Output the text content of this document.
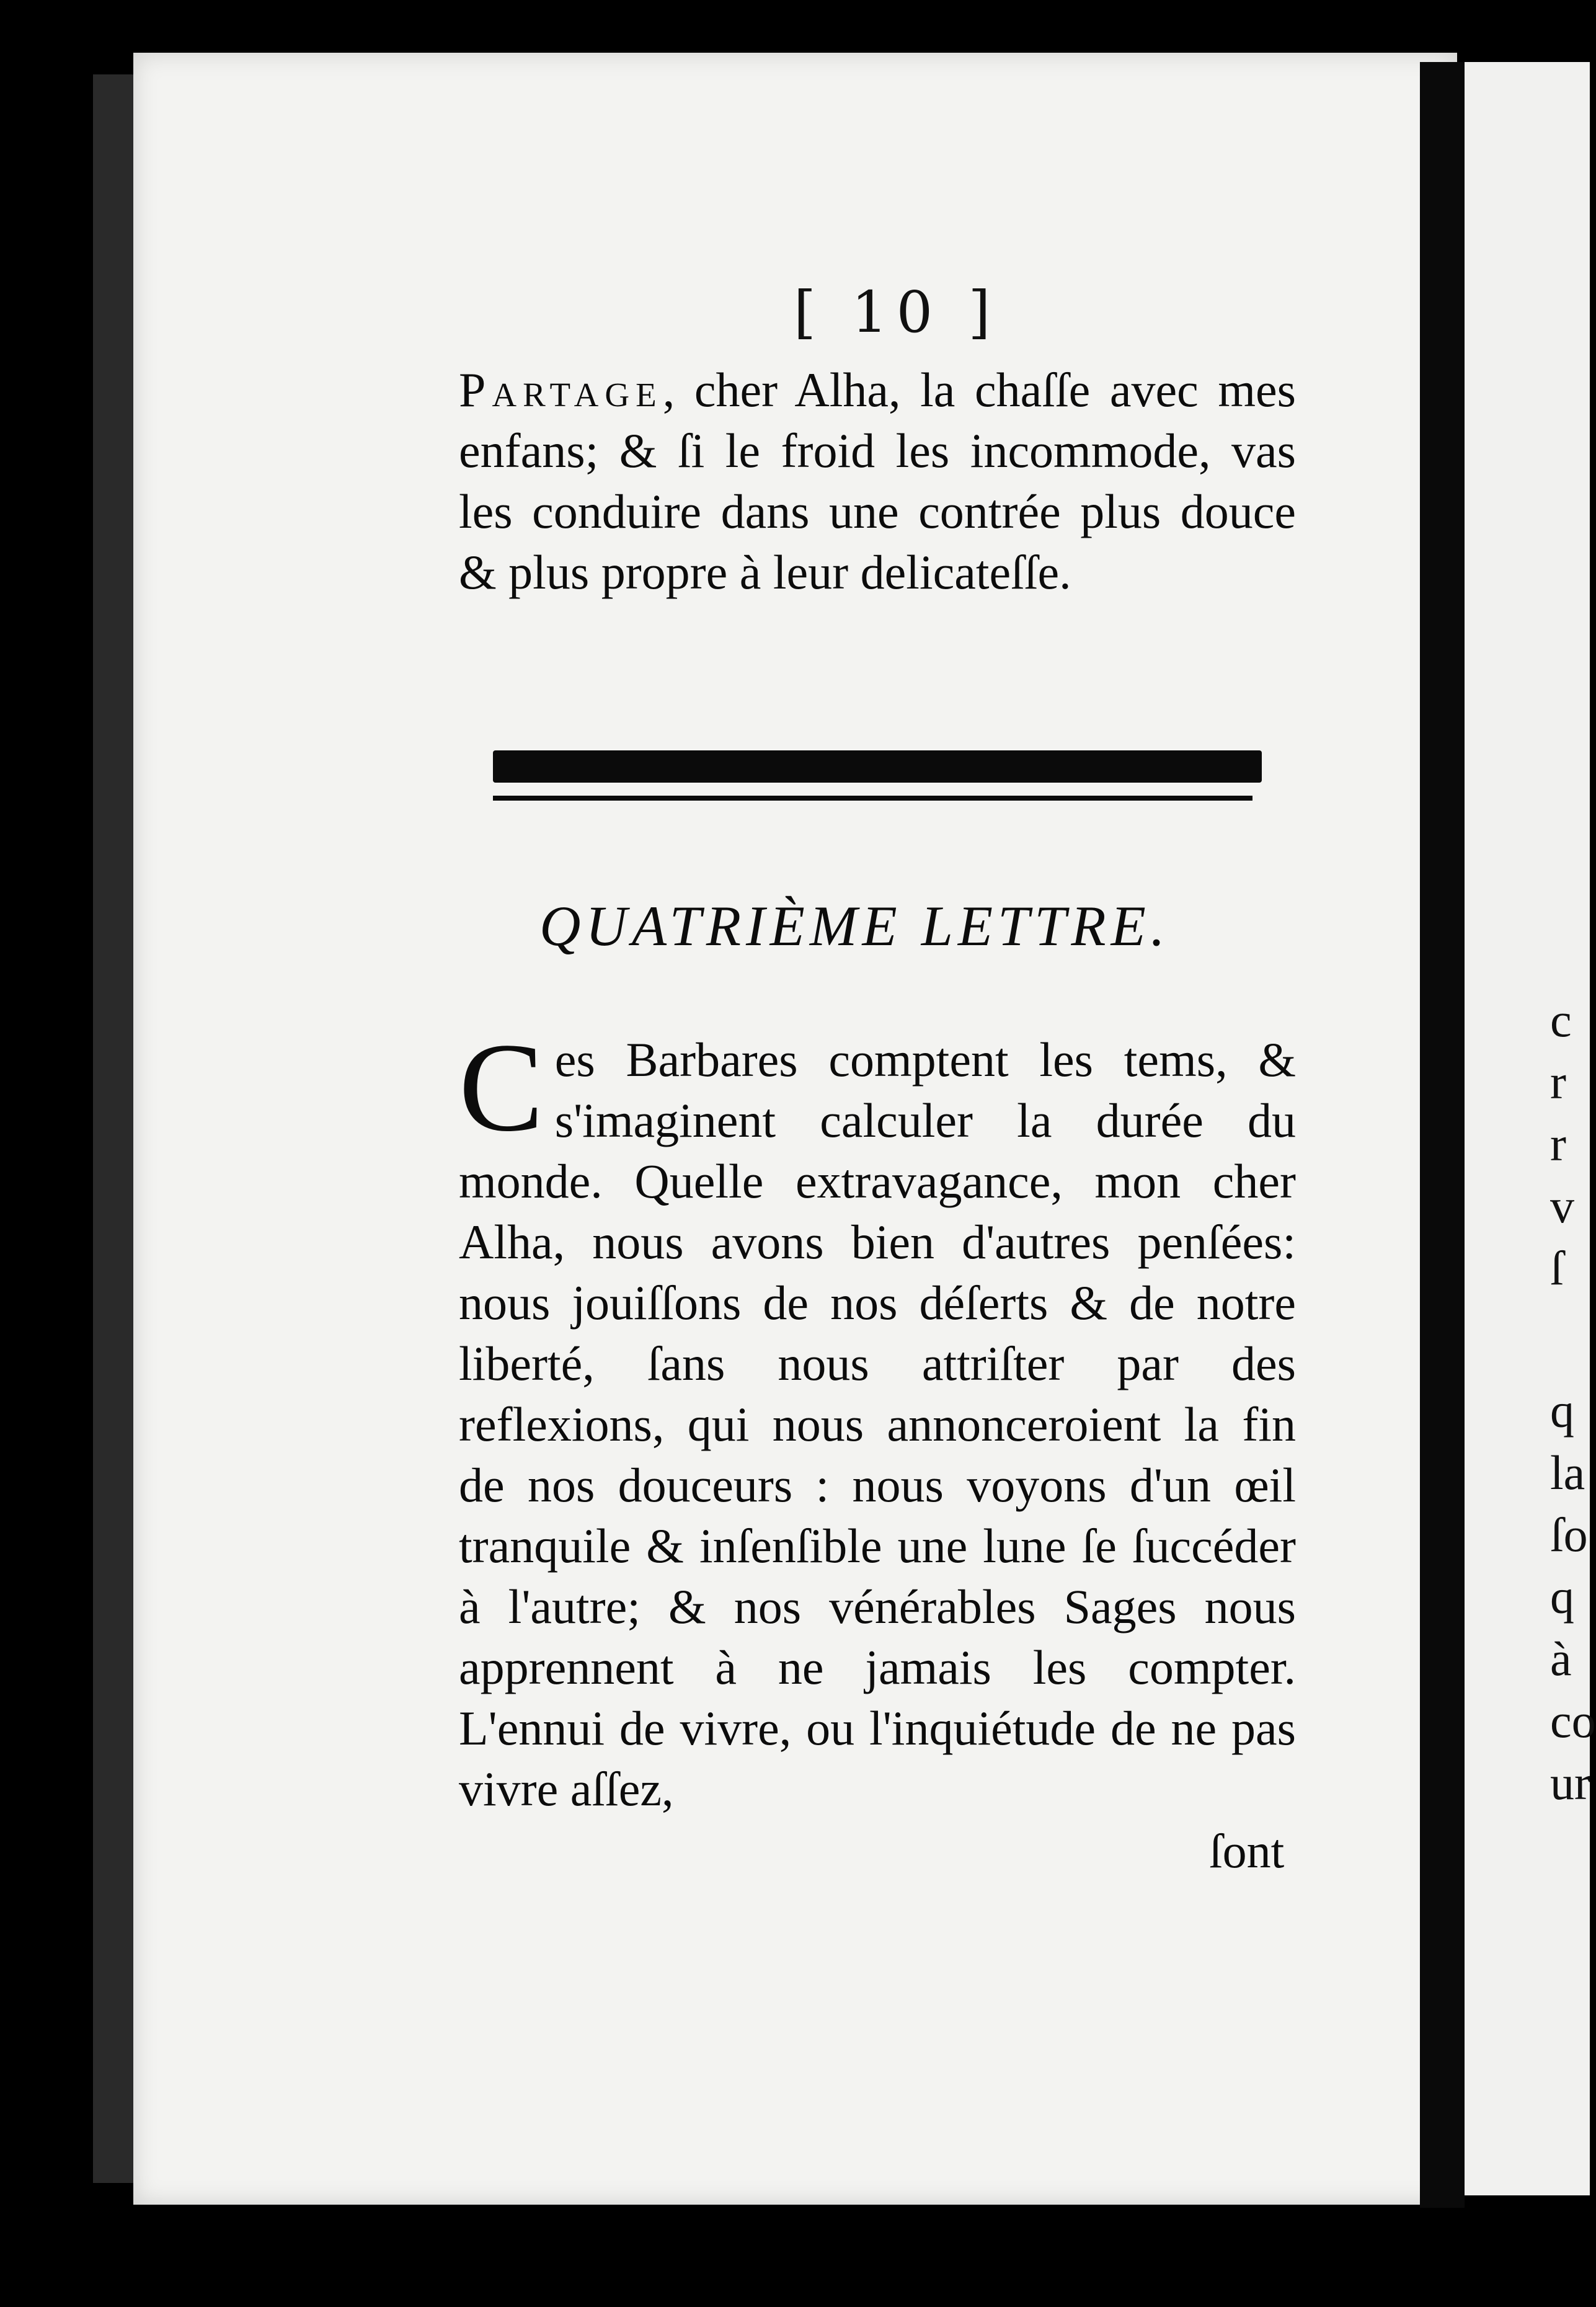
[ 10 ]

Partage, cher Alha, la chaſſe avec mes enfans; & ſi le froid les incommode, vas les conduire dans une contrée plus douce & plus propre à leur delicateſſe.

QUATRIÈME LETTRE.

Ces Barbares comptent les tems, & s'imaginent calculer la durée du monde. Quelle extravagance, mon cher Alha, nous avons bien d'autres penſées: nous jouiſſons de nos déſerts & de notre liberté, ſans nous attriſter par des reflexions, qui nous annonceroient la fin de nos douceurs : nous voyons d'un œil tranquile & inſenſible une lune ſe ſuccéder à l'autre; & nos vénérables Sages nous apprennent à ne jamais les compter. L'ennui de vivre, ou l'inquiétude de ne pas vivre aſſez,

ſont
c
r
r
v
ſ
q
la
ſo
q
à
co
ur
